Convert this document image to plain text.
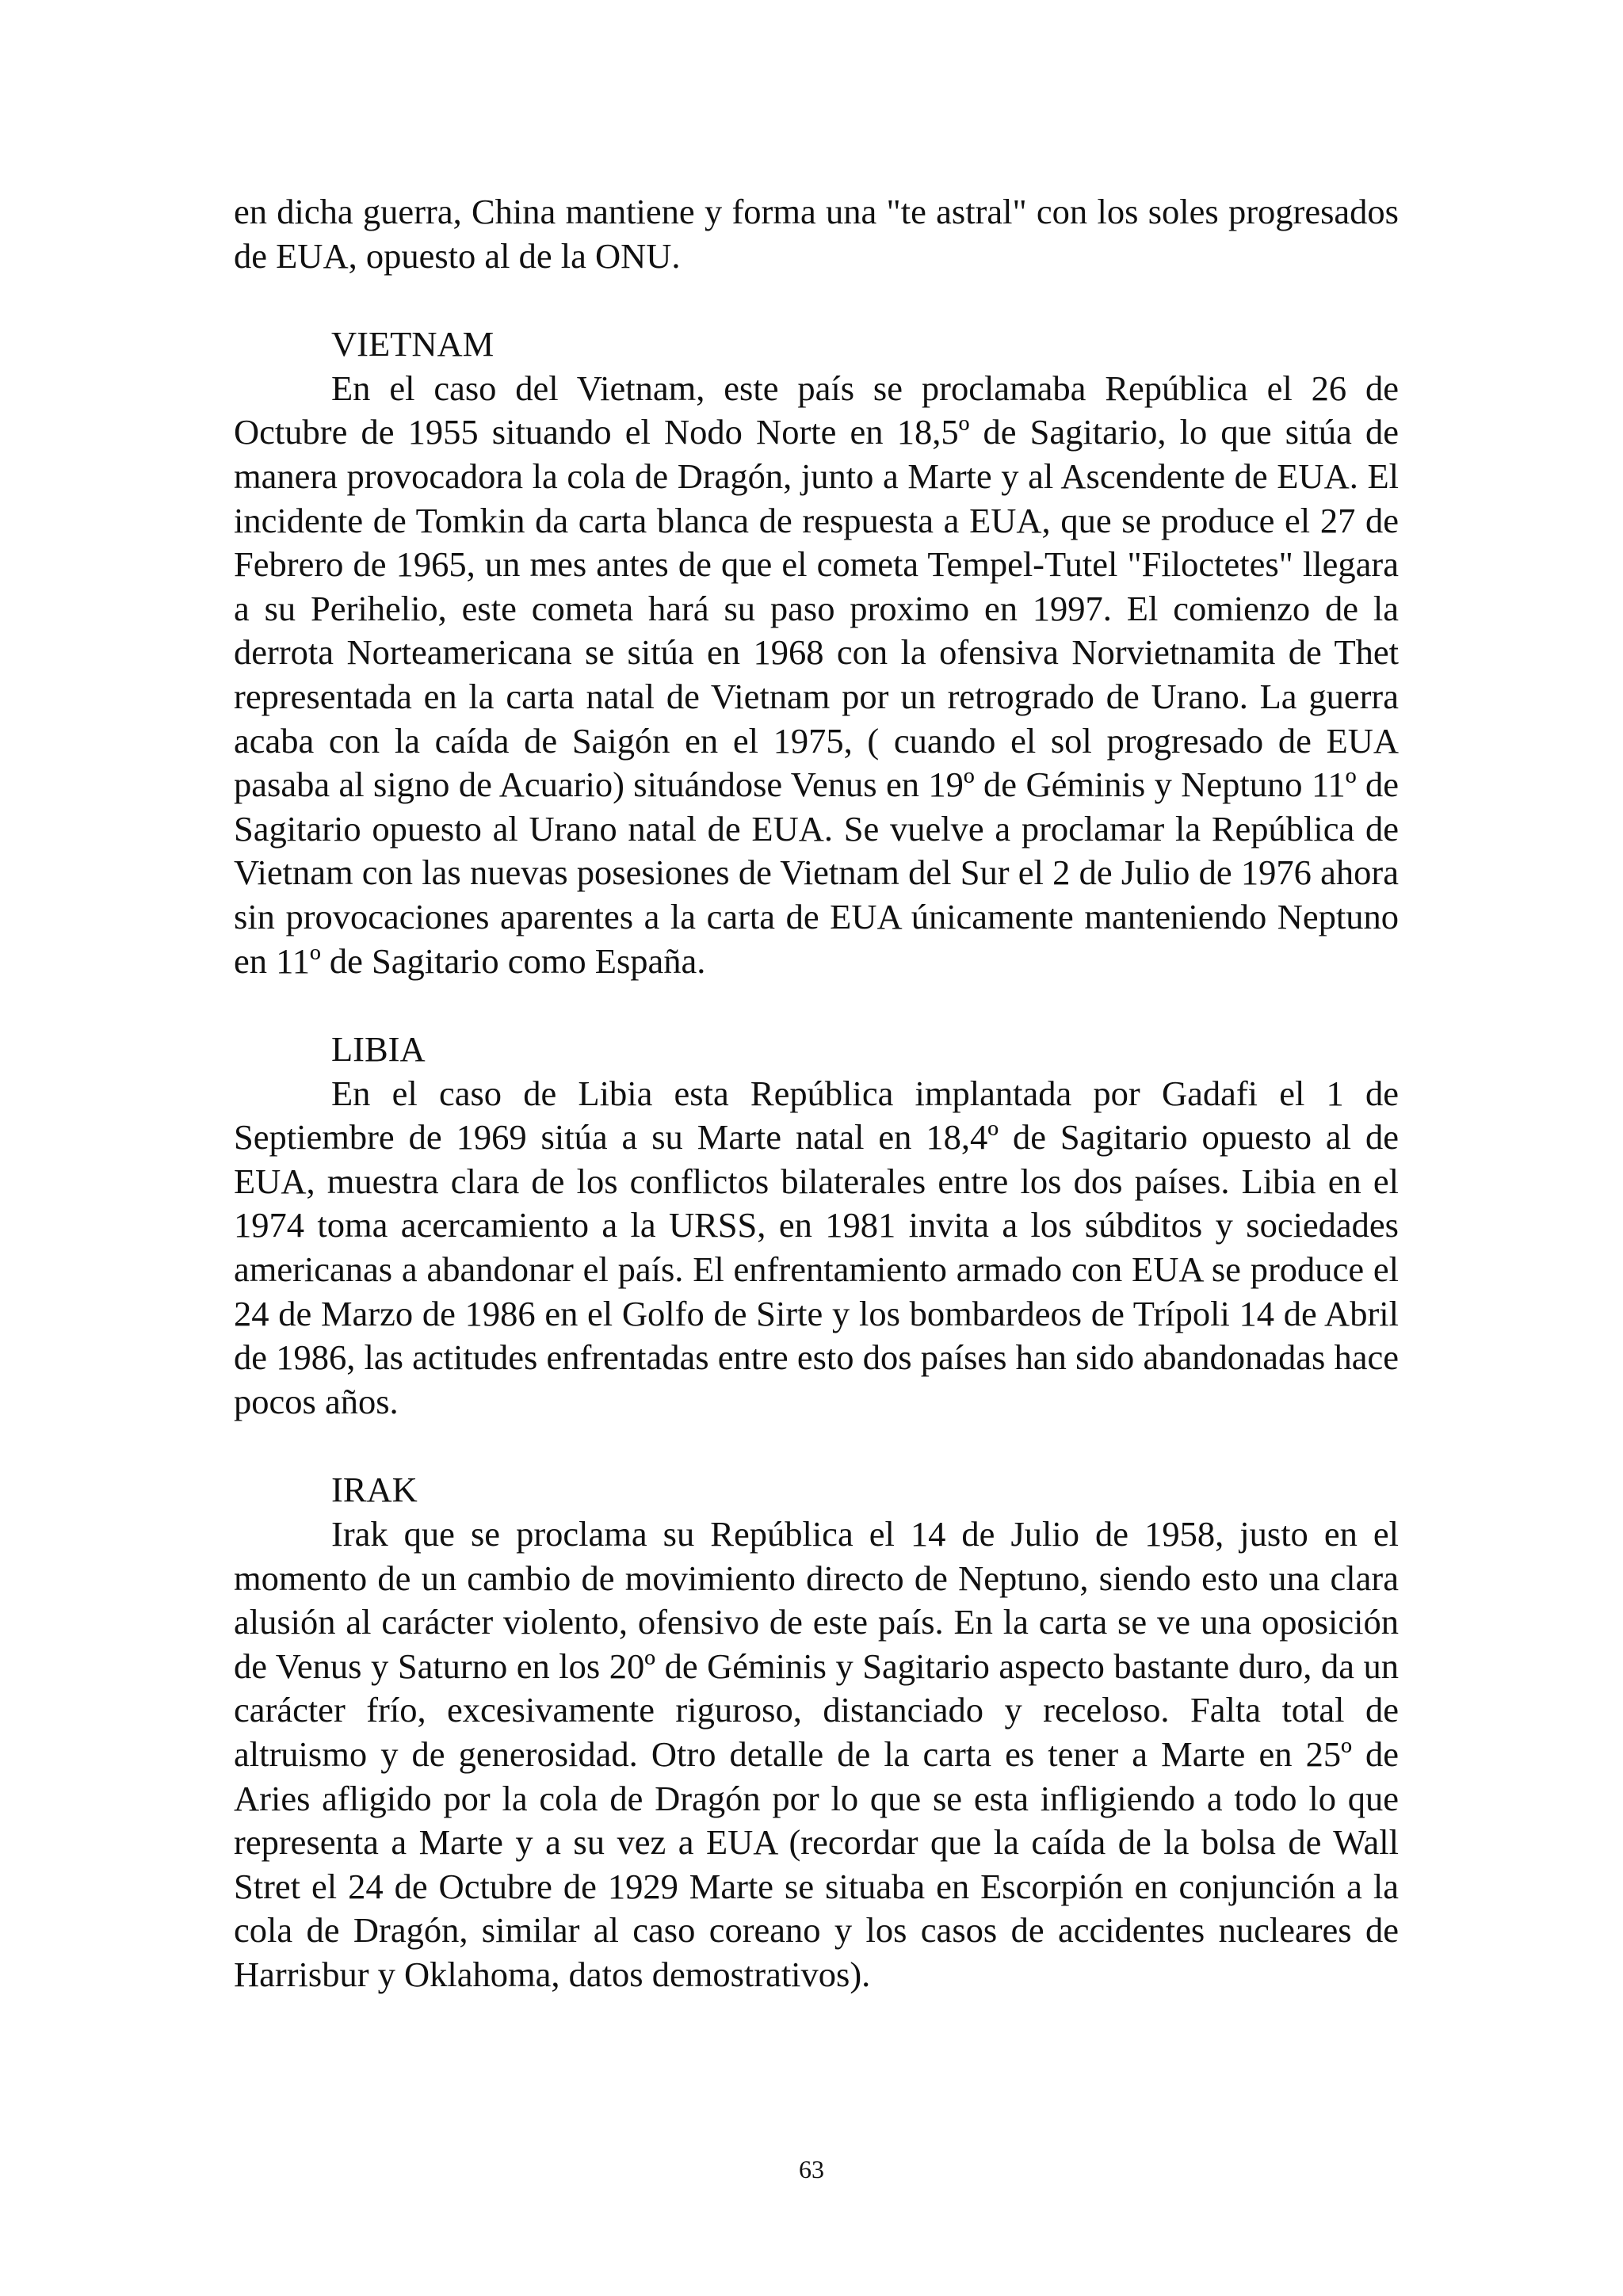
en dicha guerra, China mantiene y forma una "te astral" con los soles progresados de EUA, opuesto al de la ONU.

VIETNAM

En el caso del Vietnam, este país se proclamaba República el 26 de Octubre de 1955 situando el Nodo Norte en 18,5º de Sagitario, lo que sitúa de manera provocadora la cola de Dragón, junto a Marte y al Ascendente de EUA. El incidente de Tomkin da carta blanca de respuesta a EUA, que se produce el 27 de Febrero de 1965, un mes antes de que el cometa Tempel-Tutel "Filoctetes" llegara a su Perihelio, este cometa hará su paso proximo en 1997. El comienzo de la derrota Norteamericana se sitúa en 1968 con la ofensiva Norvietnamita de Thet representada en la carta natal de Vietnam por un retrogrado de Urano. La guerra acaba con la caída de Saigón en el 1975, ( cuando el sol progresado de EUA pasaba al signo de Acuario) situándose Venus en 19º de Géminis y Neptuno 11º de Sagitario opuesto al Urano natal de EUA. Se vuelve a proclamar la República de Vietnam con las nuevas posesiones de Vietnam del Sur el 2 de Julio de 1976 ahora sin provocaciones aparentes a la carta de EUA únicamente manteniendo Neptuno en 11º de Sagitario como España.

LIBIA

En el caso de Libia esta República implantada por Gadafi el 1 de Septiembre de 1969 sitúa a su Marte natal en 18,4º de Sagitario opuesto al de EUA, muestra clara de los conflictos bilaterales entre los dos países. Libia en el 1974 toma acercamiento a la URSS, en 1981 invita a los súbditos y sociedades americanas a abandonar el país. El enfrentamiento armado con EUA se produce el 24 de Marzo de 1986 en el Golfo de Sirte y los bombardeos de Trípoli 14 de Abril de 1986, las actitudes enfrentadas entre esto dos países han sido abandonadas hace pocos años.

IRAK

Irak que se proclama su República el 14 de Julio de 1958, justo en el momento de un cambio de movimiento directo de Neptuno, siendo esto una clara alusión al carácter violento, ofensivo de este país. En la carta se ve una oposición de Venus y Saturno en los 20º de Géminis y Sagitario aspecto bastante duro, da un carácter frío, excesivamente riguroso, distanciado y receloso. Falta total de altruismo y de generosidad. Otro detalle de la carta es tener a Marte en 25º de Aries afligido por la cola de Dragón por lo que se esta infligiendo a todo lo que representa a Marte y a su vez a EUA (recordar que la caída de la bolsa de Wall Stret el 24 de Octubre de 1929 Marte se situaba en Escorpión en conjunción a la cola de Dragón, similar al caso coreano y los casos de accidentes nucleares de Harrisbur y Oklahoma, datos demostrativos).

63
